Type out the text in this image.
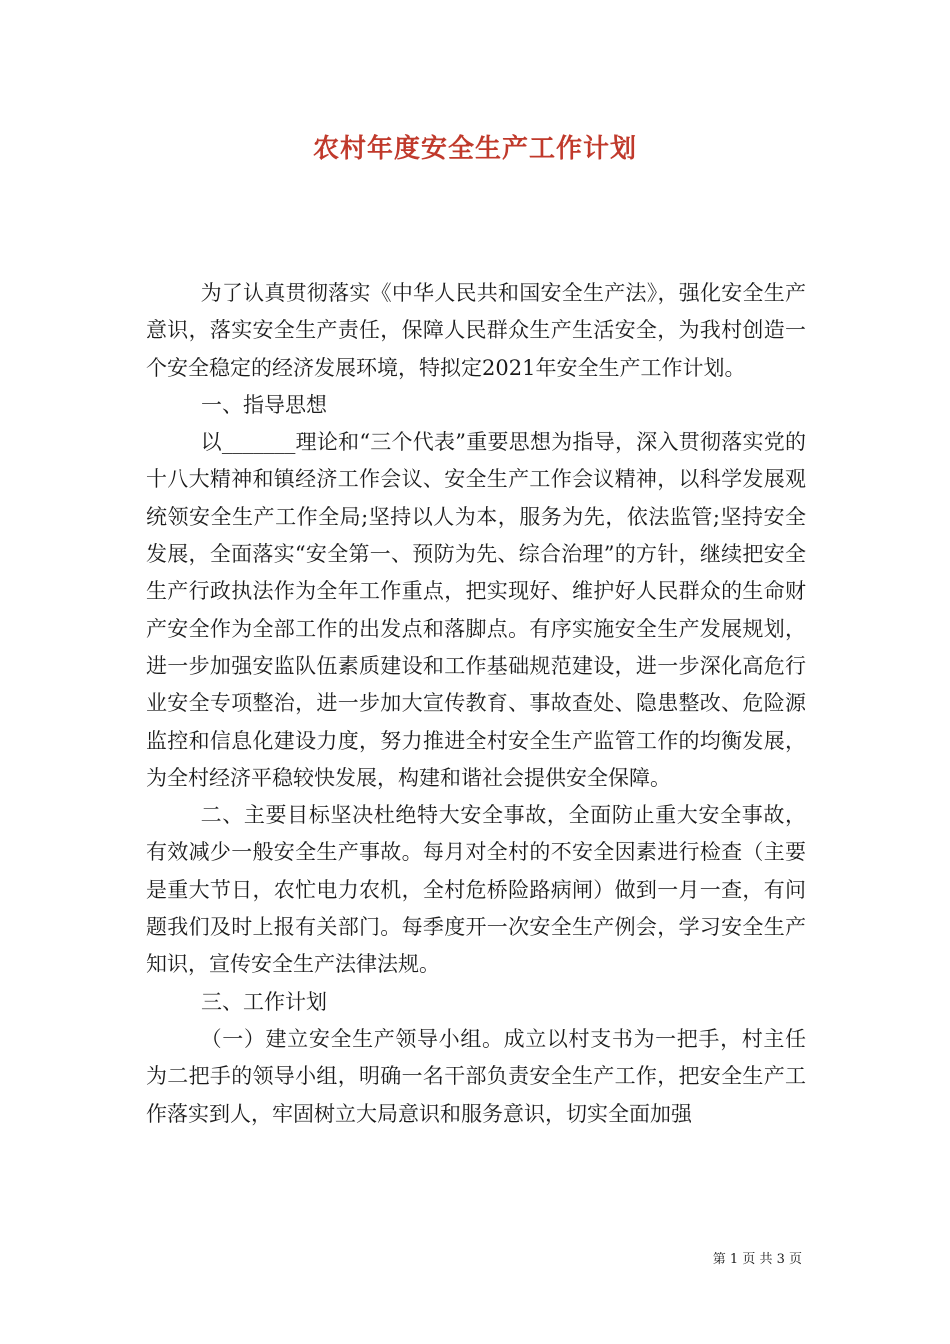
农村年度安全生产工作计划

为了认真贯彻落实《中华人民共和国安全生产法》，强化安全生产意识，落实安全生产责任，保障人民群众生产生活安全，为我村创造一个安全稳定的经济发展环境，特拟定2021年安全生产工作计划。

一、指导思想

以_______理论和“三个代表”重要思想为指导，深入贯彻落实党的十八大精神和镇经济工作会议、安全生产工作会议精神，以科学发展观统领安全生产工作全局;坚持以人为本，服务为先，依法监管;坚持安全发展，全面落实“安全第一、预防为先、综合治理”的方针，继续把安全生产行政执法作为全年工作重点，把实现好、维护好人民群众的生命财产安全作为全部工作的出发点和落脚点。有序实施安全生产发展规划，进一步加强安监队伍素质建设和工作基础规范建设，进一步深化高危行业安全专项整治，进一步加大宣传教育、事故查处、隐患整改、危险源监控和信息化建设力度，努力推进全村安全生产监管工作的均衡发展，为全村经济平稳较快发展，构建和谐社会提供安全保障。

二、主要目标坚决杜绝特大安全事故，全面防止重大安全事故，有效减少一般安全生产事故。每月对全村的不安全因素进行检查（主要是重大节日，农忙电力农机，全村危桥险路病闸）做到一月一查，有问题我们及时上报有关部门。每季度开一次安全生产例会，学习安全生产知识，宣传安全生产法律法规。

三、工作计划

（一）建立安全生产领导小组。成立以村支书为一把手，村主任为二把手的领导小组，明确一名干部负责安全生产工作，把安全生产工作落实到人，牢固树立大局意识和服务意识，切实全面加强

第 1 页 共 3 页
